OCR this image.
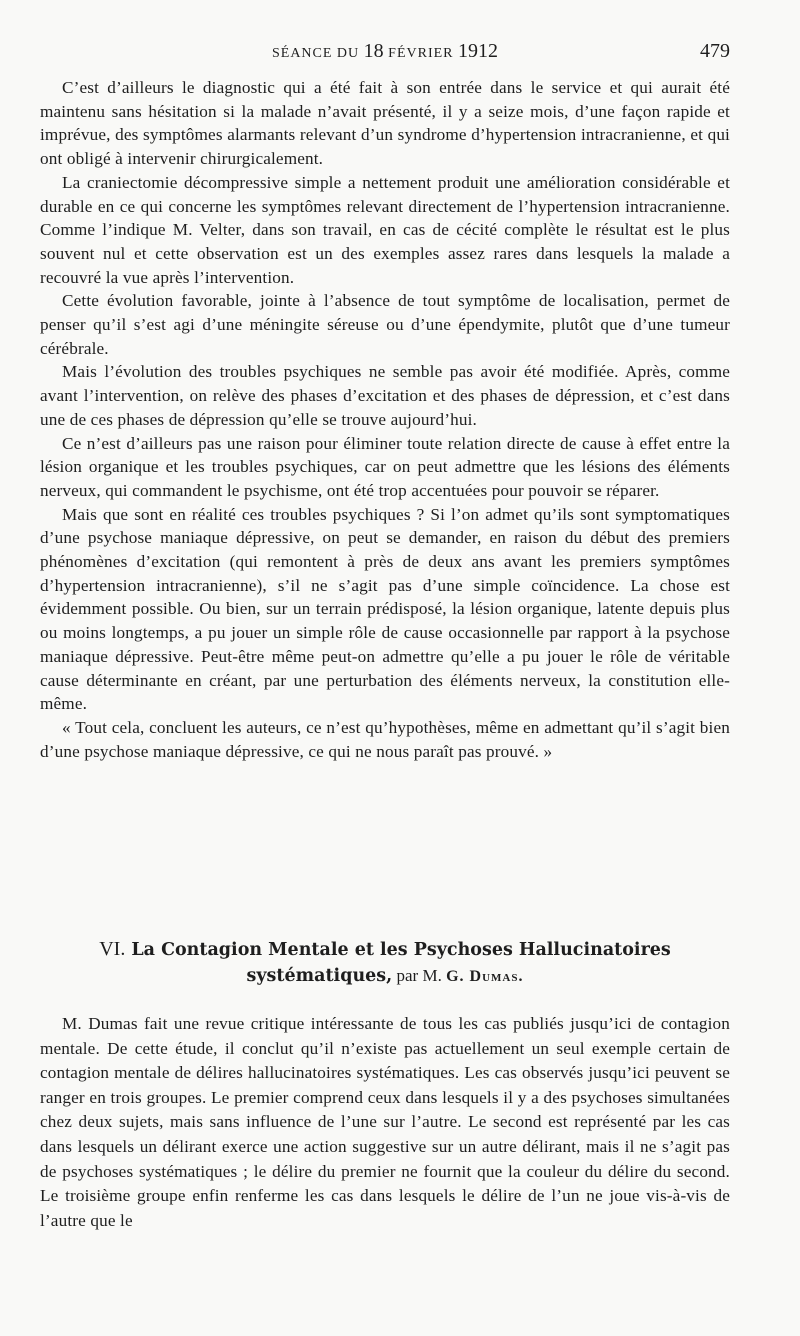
SÉANCE DU 18 FÉVRIER 1912	479

C’est d’ailleurs le diagnostic qui a été fait à son entrée dans le service et qui aurait été maintenu sans hésitation si la malade n’avait présenté, il y a seize mois, d’une façon rapide et imprévue, des symptômes alarmants relevant d’un syndrome d’hypertension intracranienne, et qui ont obligé à intervenir chirurgicalement.

La craniectomie décompressive simple a nettement produit une amélioration considérable et durable en ce qui concerne les symptômes relevant directement de l’hypertension intracranienne. Comme l’indique M. Velter, dans son travail, en cas de cécité complète le résultat est le plus souvent nul et cette observation est un des exemples assez rares dans lesquels la malade a recouvré la vue après l’intervention.

Cette évolution favorable, jointe à l’absence de tout symptôme de localisation, permet de penser qu’il s’est agi d’une méningite séreuse ou d’une épendymite, plutôt que d’une tumeur cérébrale.

Mais l’évolution des troubles psychiques ne semble pas avoir été modifiée. Après, comme avant l’intervention, on relève des phases d’excitation et des phases de dépression, et c’est dans une de ces phases de dépression qu’elle se trouve aujourd’hui.

Ce n’est d’ailleurs pas une raison pour éliminer toute relation directe de cause à effet entre la lésion organique et les troubles psychiques, car on peut admettre que les lésions des éléments nerveux, qui commandent le psychisme, ont été trop accentuées pour pouvoir se réparer.

Mais que sont en réalité ces troubles psychiques ? Si l’on admet qu’ils sont symptomatiques d’une psychose maniaque dépressive, on peut se demander, en raison du début des premiers phénomènes d’excitation (qui remontent à près de deux ans avant les premiers symptômes d’hypertension intracranienne), s’il ne s’agit pas d’une simple coïncidence. La chose est évidemment possible. Ou bien, sur un terrain prédisposé, la lésion organique, latente depuis plus ou moins longtemps, a pu jouer un simple rôle de cause occasionnelle par rapport à la psychose maniaque dépressive. Peut-être même peut-on admettre qu’elle a pu jouer le rôle de véritable cause déterminante en créant, par une perturbation des éléments nerveux, la constitution elle-même.

« Tout cela, concluent les auteurs, ce n’est qu’hypothèses, même en admettant qu’il s’agit bien d’une psychose maniaque dépressive, ce qui ne nous paraît pas prouvé. »

VI. La Contagion Mentale et les Psychoses Hallucinatoires systématiques, par M. G. Dumas.

M. Dumas fait une revue critique intéressante de tous les cas publiés jusqu’ici de contagion mentale. De cette étude, il conclut qu’il n’existe pas actuellement un seul exemple certain de contagion mentale de délires hallucinatoires systématiques. Les cas observés jusqu’ici peuvent se ranger en trois groupes. Le premier comprend ceux dans lesquels il y a des psychoses simultanées chez deux sujets, mais sans influence de l’une sur l’autre. Le second est représenté par les cas dans lesquels un délirant exerce une action suggestive sur un autre délirant, mais il ne s’agit pas de psychoses systématiques ; le délire du premier ne fournit que la couleur du délire du second. Le troisième groupe enfin renferme les cas dans lesquels le délire de l’un ne joue vis-à-vis de l’autre que le
